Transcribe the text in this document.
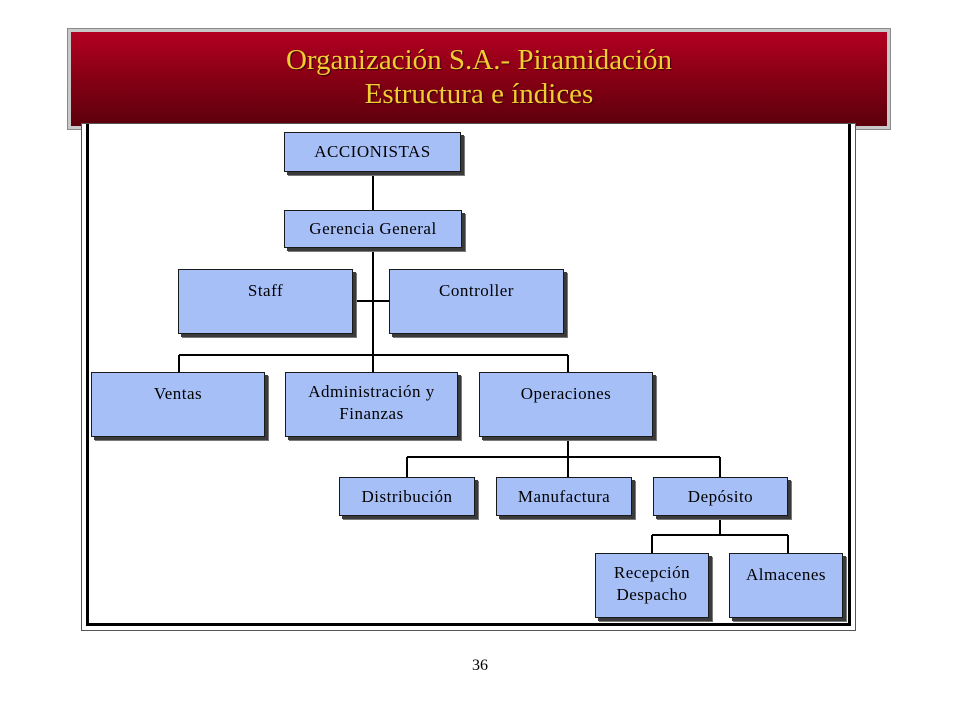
Organización S.A.- Piramidación
Estructura e índices
ACCIONISTAS
Gerencia General
Staff	Controller
Ventas	Administración y
Finanzas
Operaciones
Distribución	Manufactura	Depósito
Recepción
Despacho
Almacenes
36
